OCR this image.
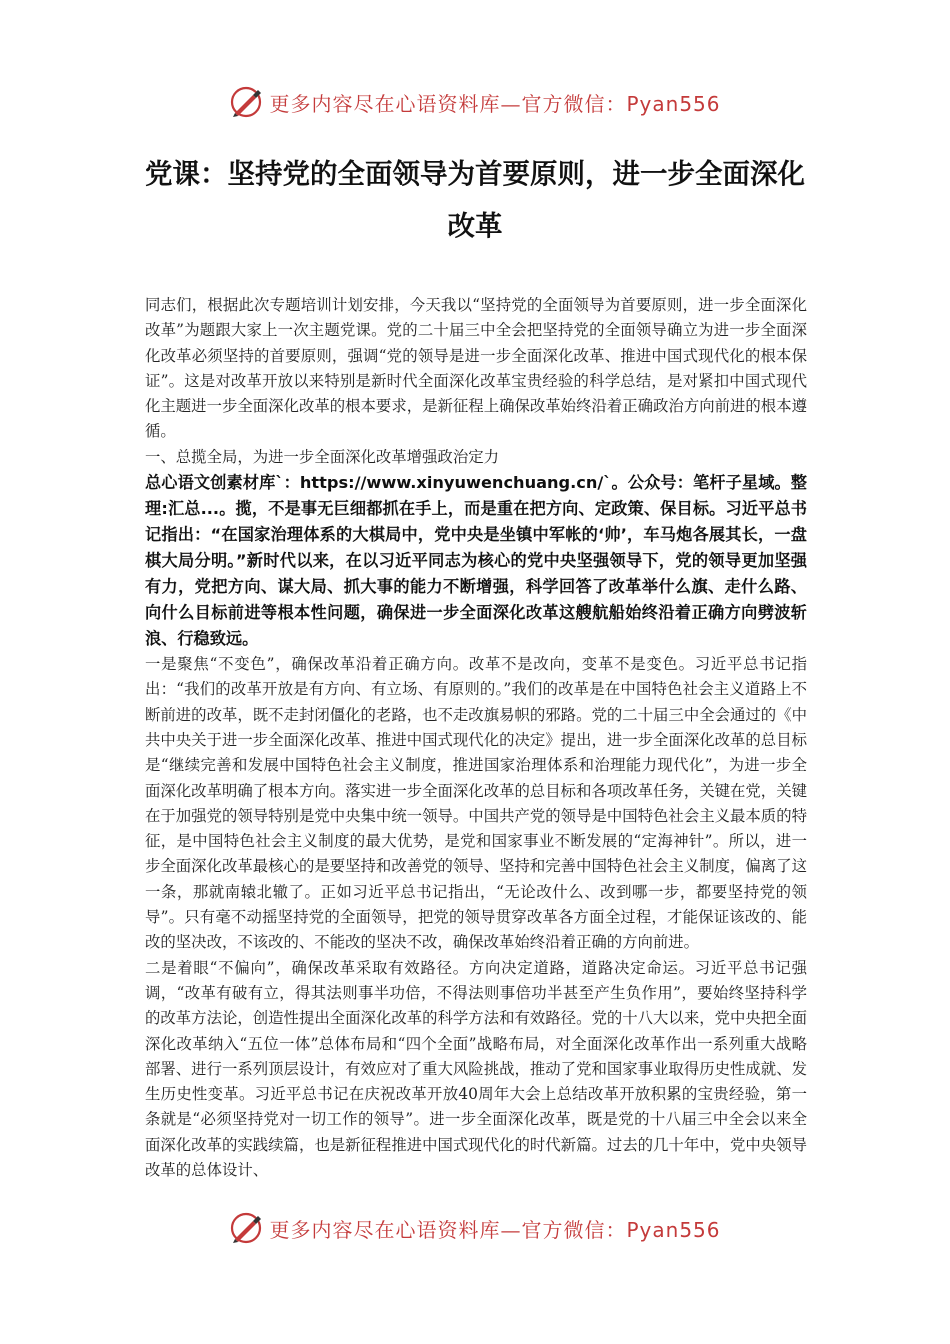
更多内容尽在心语资料库—官方微信：Pyan556
党课：坚持党的全面领导为首要原则，进一步全面深化改革

同志们，根据此次专题培训计划安排，今天我以“坚持党的全面领导为首要原则，进一步全面深化改革”为题跟大家上一次主题党课。党的二十届三中全会把坚持党的全面领导确立为进一步全面深化改革必须坚持的首要原则，强调“党的领导是进一步全面深化改革、推进中国式现代化的根本保证”。这是对改革开放以来特别是新时代全面深化改革宝贵经验的科学总结，是对紧扣中国式现代化主题进一步全面深化改革的根本要求，是新征程上确保改革始终沿着正确政治方向前进的根本遵循。

一、总揽全局，为进一步全面深化改革增强政治定力

总心语文创素材库`：https://www.xinyuwenchuang.cn/`。公众号：笔杆子星域。整理:汇总...。揽，不是事无巨细都抓在手上，而是重在把方向、定政策、保目标。习近平总书记指出：“在国家治理体系的大棋局中，党中央是坐镇中军帐的‘帅’，车马炮各展其长，一盘棋大局分明。”新时代以来，在以习近平同志为核心的党中央坚强领导下，党的领导更加坚强有力，党把方向、谋大局、抓大事的能力不断增强，科学回答了改革举什么旗、走什么路、向什么目标前进等根本性问题，确保进一步全面深化改革这艘航船始终沿着正确方向劈波斩浪、行稳致远。

一是聚焦“不变色”，确保改革沿着正确方向。改革不是改向，变革不是变色。习近平总书记指出：“我们的改革开放是有方向、有立场、有原则的。”我们的改革是在中国特色社会主义道路上不断前进的改革，既不走封闭僵化的老路，也不走改旗易帜的邪路。党的二十届三中全会通过的《中共中央关于进一步全面深化改革、推进中国式现代化的决定》提出，进一步全面深化改革的总目标是“继续完善和发展中国特色社会主义制度，推进国家治理体系和治理能力现代化”，为进一步全面深化改革明确了根本方向。落实进一步全面深化改革的总目标和各项改革任务，关键在党，关键在于加强党的领导特别是党中央集中统一领导。中国共产党的领导是中国特色社会主义最本质的特征，是中国特色社会主义制度的最大优势，是党和国家事业不断发展的“定海神针”。所以，进一步全面深化改革最核心的是要坚持和改善党的领导、坚持和完善中国特色社会主义制度，偏离了这一条，那就南辕北辙了。正如习近平总书记指出，“无论改什么、改到哪一步，都要坚持党的领导”。只有毫不动摇坚持党的全面领导，把党的领导贯穿改革各方面全过程，才能保证该改的、能改的坚决改，不该改的、不能改的坚决不改，确保改革始终沿着正确的方向前进。

二是着眼“不偏向”，确保改革采取有效路径。方向决定道路，道路决定命运。习近平总书记强调，“改革有破有立，得其法则事半功倍，不得法则事倍功半甚至产生负作用”，要始终坚持科学的改革方法论，创造性提出全面深化改革的科学方法和有效路径。党的十八大以来，党中央把全面深化改革纳入“五位一体”总体布局和“四个全面”战略布局，对全面深化改革作出一系列重大战略部署、进行一系列顶层设计，有效应对了重大风险挑战，推动了党和国家事业取得历史性成就、发生历史性变革。习近平总书记在庆祝改革开放40周年大会上总结改革开放积累的宝贵经验，第一条就是“必须坚持党对一切工作的领导”。进一步全面深化改革，既是党的十八届三中全会以来全面深化改革的实践续篇，也是新征程推进中国式现代化的时代新篇。过去的几十年中，党中央领导改革的总体设计、

更多内容尽在心语资料库—官方微信：Pyan556
